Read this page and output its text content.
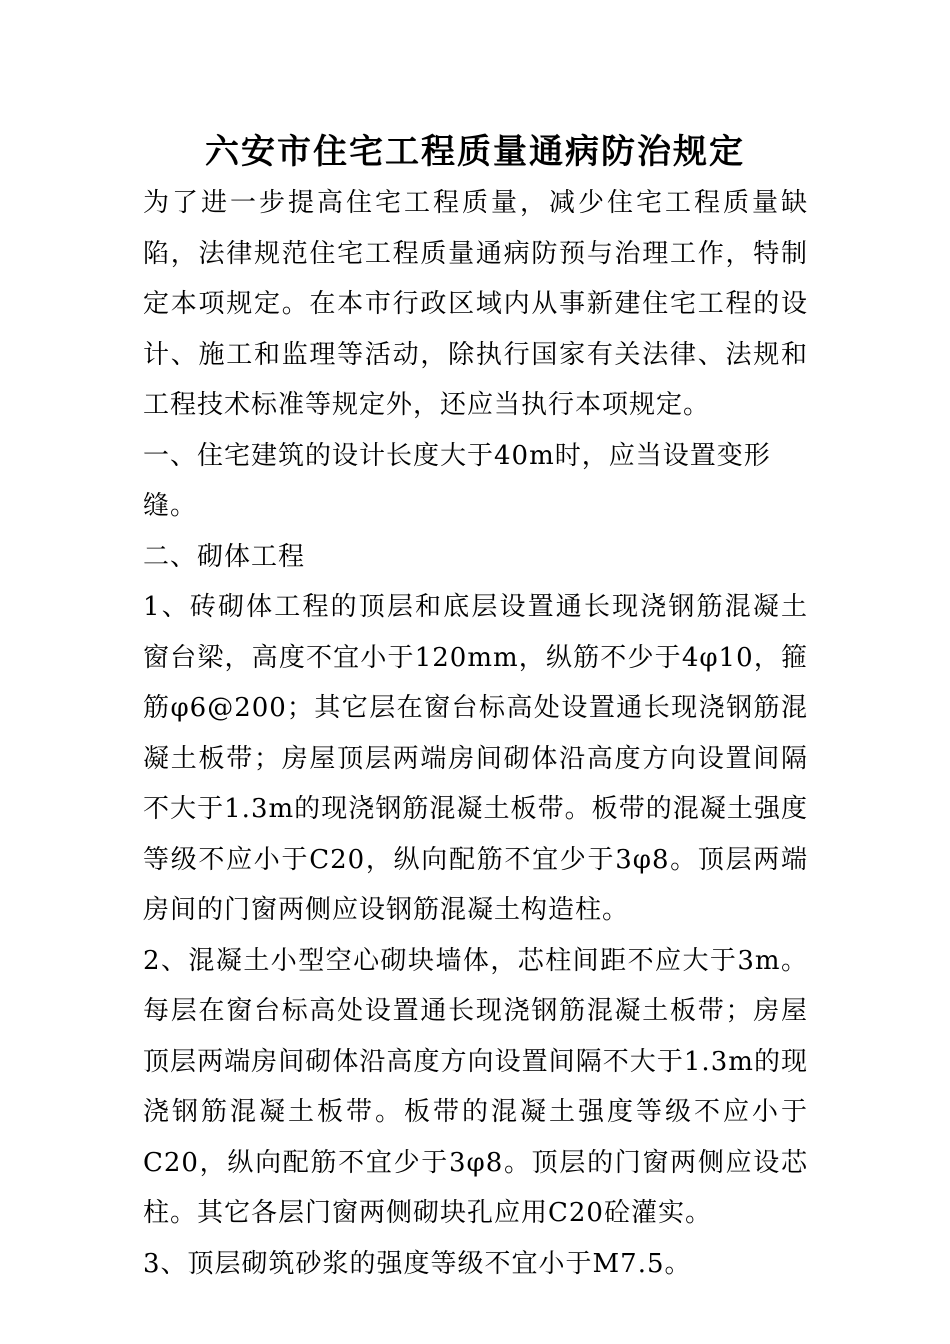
六安市住宅工程质量通病防治规定

为了进一步提高住宅工程质量，减少住宅工程质量缺陷，法律规范住宅工程质量通病防预与治理工作，特制定本项规定。在本市行政区域内从事新建住宅工程的设计、施工和监理等活动，除执行国家有关法律、法规和工程技术标准等规定外，还应当执行本项规定。

一、住宅建筑的设计长度大于40m时，应当设置变形缝。

二、砌体工程

1、砖砌体工程的顶层和底层设置通长现浇钢筋混凝土窗台梁，高度不宜小于120mm，纵筋不少于4φ10，箍筋φ6@200；其它层在窗台标高处设置通长现浇钢筋混凝土板带；房屋顶层两端房间砌体沿高度方向设置间隔不大于1.3m的现浇钢筋混凝土板带。板带的混凝土强度等级不应小于C20，纵向配筋不宜少于3φ8。顶层两端房间的门窗两侧应设钢筋混凝土构造柱。

2、混凝土小型空心砌块墙体，芯柱间距不应大于3m。每层在窗台标高处设置通长现浇钢筋混凝土板带；房屋顶层两端房间砌体沿高度方向设置间隔不大于1.3m的现浇钢筋混凝土板带。板带的混凝土强度等级不应小于C20，纵向配筋不宜少于3φ8。顶层的门窗两侧应设芯柱。其它各层门窗两侧砌块孔应用C20砼灌实。

3、顶层砌筑砂浆的强度等级不宜小于M7.5。
